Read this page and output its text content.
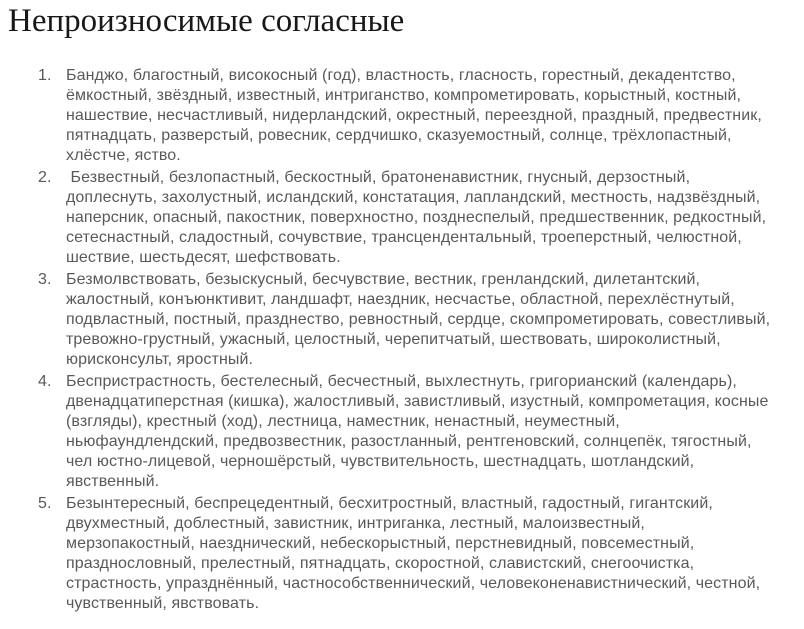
Непроизносимые согласные
1. Банджо, благостный, високосный (год), властность, гласность, горестный, декадентство, ёмкостный, звёздный, известный, интриганство, компрометировать, корыстный, костный, нашествие, несчастливый, нидерландский, окрестный, переездной, праздный, предвестник, пятнадцать, разверстый, ровесник, сердчишко, сказуемостный, солнце, трёхлопастный, хлёстче, яство.
2. Безвестный, безлопастный, бескостный, братоненавистник, гнусный, дерзостный, доплеснуть, захолустный, исландский, констатация, лапландский, местность, надзвёздный, наперсник, опасный, пакостник, поверхностно, позднеспелый, предшественник, редкостный, сетеснастный, сладостный, сочувствие, трансцендентальный, троеперстный, челюстной, шествие, шестьдесят, шефствовать.
3. Безмолвствовать, безыскусный, бесчувствие, вестник, гренландский, дилетантский, жалостный, конъюнктивит, ландшафт, наездник, несчастье, областной, перехлёстнутый, подвластный, постный, празднество, ревностный, сердце, скомпрометировать, совестливый, тревожно-грустный, ужасный, целостный, черепитчатый, шествовать, широколистный, юрисконсульт, яростный.
4. Беспристрастность, бестелесный, бесчестный, выхлестнуть, григорианский (календарь), двенадцатиперстная (кишка), жалостливый, завистливый, изустный, компрометация, косные (взгляды), крестный (ход), лестница, наместник, ненастный, неуместный, ньюфаундлендский, предвозвестник, разостланный, рентгеновский, солнцепёк, тягостный, чел юстно-лицевой, черношёрстый, чувствительность, шестнадцать, шотландский, явственный.
5. Безынтересный, беспрецедентный, бесхитростный, властный, гадостный, гигантский, двухместный, доблестный, завистник, интриганка, лестный, малоизвестный, мерзопакостный, наезднический, небескорыстный, перстневидный, повсеместный, празднословный, прелестный, пятнадцать, скоростной, славистский, снегоочистка, страстность, упразднённый, частнособственнический, человеконенавистнический, честной, чувственный, явствовать.
